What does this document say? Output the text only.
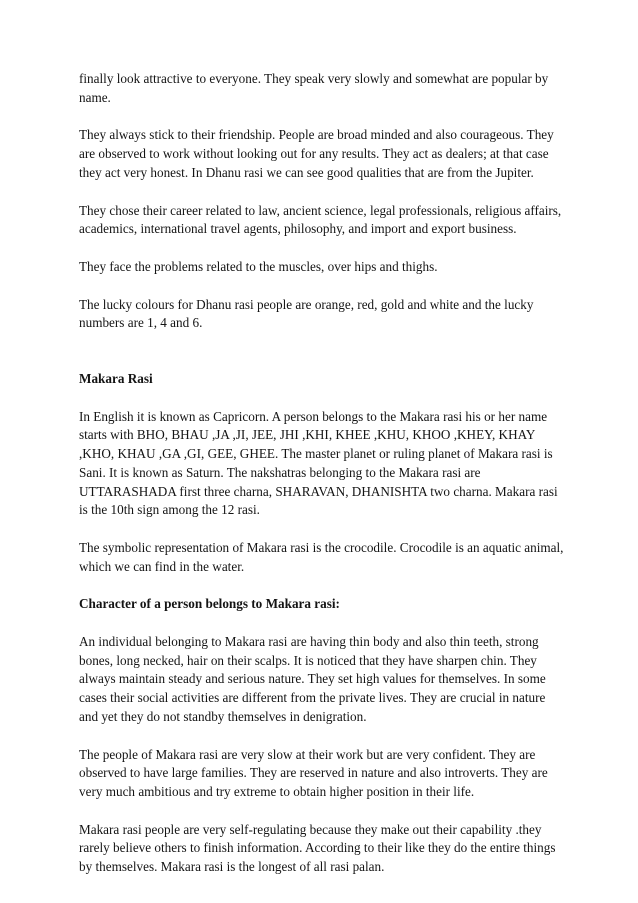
finally look attractive to everyone. They speak very slowly and somewhat are popular by name.

They always stick to their friendship. People are broad minded and also courageous. They are observed to work without looking out for any results. They act as dealers; at that case they act very honest. In Dhanu rasi we can see good qualities that are from the Jupiter.

They chose their career related to law, ancient science, legal professionals, religious affairs, academics, international travel agents, philosophy, and import and export business.

They face the problems related to the muscles, over hips and thighs.

The lucky colours for Dhanu rasi people are orange, red, gold and white and the lucky numbers are 1, 4 and 6.

Makara Rasi

In English it is known as Capricorn. A person belongs to the Makara rasi his or her name starts with BHO, BHAU ,JA ,JI, JEE, JHI ,KHI, KHEE ,KHU, KHOO ,KHEY, KHAY ,KHO, KHAU ,GA ,GI, GEE, GHEE. The master planet or ruling planet of Makara rasi is Sani. It is known as Saturn. The nakshatras belonging to the Makara rasi are UTTARASHADA first three charna, SHARAVAN, DHANISHTA two charna. Makara rasi is the 10th sign among the 12 rasi.

The symbolic representation of Makara rasi is the crocodile. Crocodile is an aquatic animal, which we can find in the water.

Character of a person belongs to Makara rasi:

An individual belonging to Makara rasi are having thin body and also thin teeth, strong bones, long necked, hair on their scalps. It is noticed that they have sharpen chin. They always maintain steady and serious nature. They set high values for themselves. In some cases their social activities are different from the private lives. They are crucial in nature and yet they do not standby themselves in denigration.

The people of Makara rasi are very slow at their work but are very confident. They are observed to have large families. They are reserved in nature and also introverts. They are very much ambitious and try extreme to obtain higher position in their life.

Makara rasi people are very self-regulating because they make out their capability .they rarely believe others to finish information. According to their like they do the entire things by themselves. Makara rasi is the longest of all rasi palan.
